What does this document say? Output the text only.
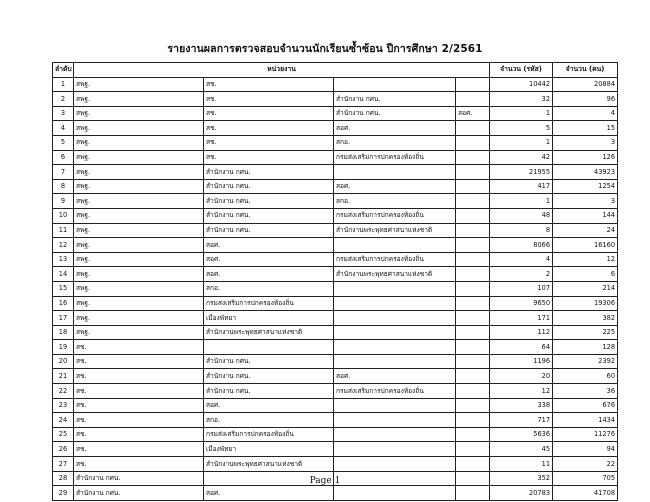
รายงานผลการตรวจสอบจำนวนนักเรียนซ้ำซ้อน ปีการศึกษา 2/2561
ลำดับ	หน่วยงาน				จำนวน (รหัส)	จำนวน (คน)
1	สพฐ.	สช.			10442	20884
2	สพฐ.	สช.	สำนักงาน กศน.		32	96
3	สพฐ.	สช.	สำนักงาน กศน.	สอศ.	1	4
4	สพฐ.	สช.	สอศ.		5	15
5	สพฐ.	สช.	สกอ.		1	3
6	สพฐ.	สช.	กรมส่งเสริมการปกครองท้องถิ่น		42	126
7	สพฐ.	สำนักงาน กศน.			21955	43923
8	สพฐ.	สำนักงาน กศน.	สอศ.		417	1254
9	สพฐ.	สำนักงาน กศน.	สกอ.		1	3
10	สพฐ.	สำนักงาน กศน.	กรมส่งเสริมการปกครองท้องถิ่น		48	144
11	สพฐ.	สำนักงาน กศน.	สำนักงานพระพุทธศาสนาแห่งชาติ		8	24
12	สพฐ.	สอศ.			8066	16160
13	สพฐ.	สอศ.	กรมส่งเสริมการปกครองท้องถิ่น		4	12
14	สพฐ.	สอศ.	สำนักงานพระพุทธศาสนาแห่งชาติ		2	6
15	สพฐ.	สกอ.			107	214
16	สพฐ.	กรมส่งเสริมการปกครองท้องถิ่น			9650	19306
17	สพฐ.	เมืองพัทยา			171	382
18	สพฐ.	สำนักงานพระพุทธศาสนาแห่งชาติ			112	225
19	สช.				64	128
20	สช.	สำนักงาน กศน.			1196	2392
21	สช.	สำนักงาน กศน.	สอศ.		20	60
22	สช.	สำนักงาน กศน.	กรมส่งเสริมการปกครองท้องถิ่น		12	36
23	สช.	สอศ.			338	676
24	สช.	สกอ.			717	1434
25	สช.	กรมส่งเสริมการปกครองท้องถิ่น			5636	11276
26	สช.	เมืองพัทยา			45	94
27	สช.	สำนักงานพระพุทธศาสนาแห่งชาติ			11	22
28	สำนักงาน กศน.				352	705
29	สำนักงาน กศน.	สอศ.			20783	41708
Page 1
